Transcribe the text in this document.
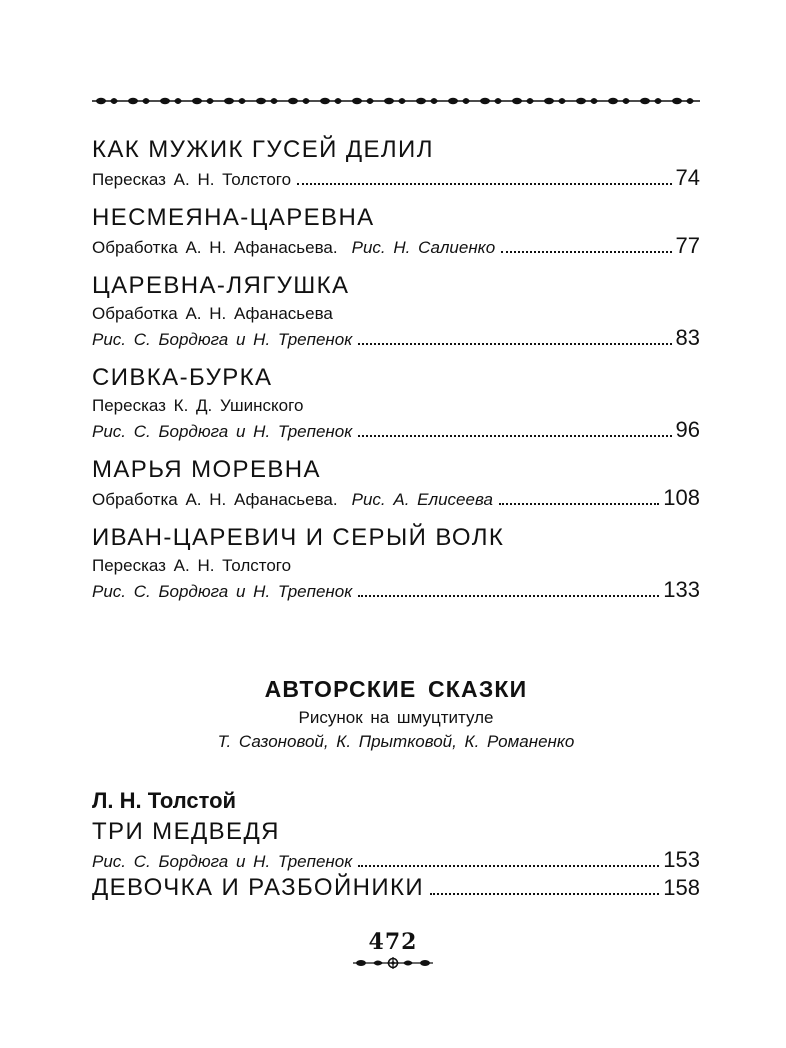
КАК МУЖИК ГУСЕЙ ДЕЛИЛ
Пересказ А. Н. Толстого	74
НЕСМЕЯНА-ЦАРЕВНА
Обработка А. Н. Афанасьева. Рис. Н. Салиенко	77
ЦАРЕВНА-ЛЯГУШКА
Обработка А. Н. Афанасьева
Рис. С. Бордюга и Н. Трепенок	83
СИВКА-БУРКА
Пересказ К. Д. Ушинского
Рис. С. Бордюга и Н. Трепенок	96
МАРЬЯ МОРЕВНА
Обработка А. Н. Афанасьева. Рис. А. Елисеева	108
ИВАН-ЦАРЕВИЧ И СЕРЫЙ ВОЛК
Пересказ А. Н. Толстого
Рис. С. Бордюга и Н. Трепенок	133
АВТОРСКИЕ СКАЗКИ
Рисунок на шмуцтитуле
Т. Сазоновой, К. Прытковой, К. Романенко
Л. Н. Толстой
ТРИ МЕДВЕДЯ
Рис. С. Бордюга и Н. Трепенок	153
ДЕВОЧКА И РАЗБОЙНИКИ	158
472
